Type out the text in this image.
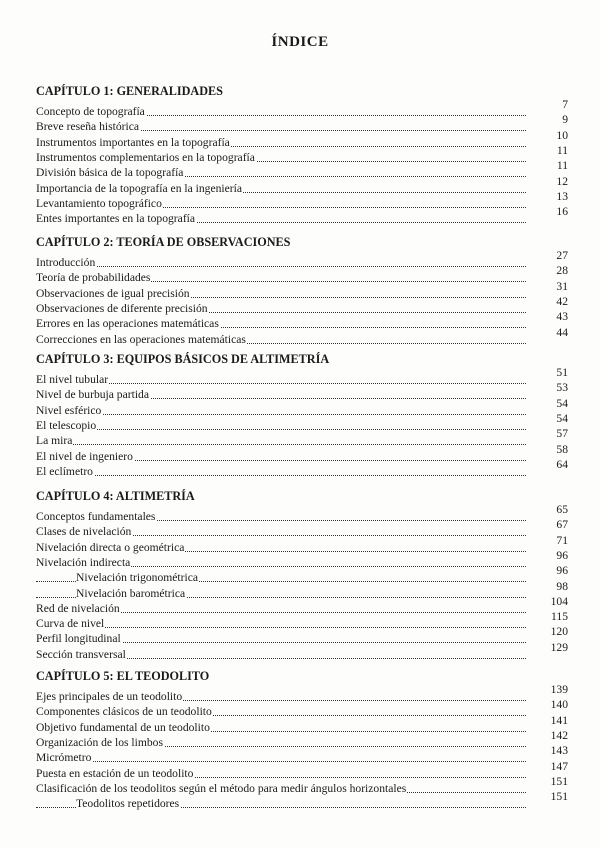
ÍNDICE
CAPÍTULO 1: GENERALIDADES
Concepto de topografía
7
Breve reseña histórica
9
Instrumentos importantes en la topografía
10
Instrumentos complementarios en la topografía
11
División básica de la topografía
11
Importancia de la topografía en la ingeniería
12
Levantamiento topográfico
13
Entes importantes en la topografía
16
CAPÍTULO 2: TEORÍA DE OBSERVACIONES
Introducción
27
Teoría de probabilidades
28
Observaciones de igual precisión
31
Observaciones de diferente precisión
42
Errores en las operaciones matemáticas
43
Correcciones en las operaciones matemáticas
44
CAPÍTULO 3: EQUIPOS BÁSICOS DE ALTIMETRÍA
El nivel tubular
51
Nivel de burbuja partida
53
Nivel esférico
54
El telescopio
54
La mira
57
El nivel de ingeniero
58
El eclímetro
64
CAPÍTULO 4: ALTIMETRÍA
Conceptos fundamentales
65
Clases de nivelación
67
Nivelación directa o geométrica
71
Nivelación indirecta
96
Nivelación trigonométrica
96
Nivelación barométrica
98
Red de nivelación
104
Curva de nivel
115
Perfil longitudinal
120
Sección transversal
129
CAPÍTULO 5: EL TEODOLITO
Ejes principales de un teodolito
139
Componentes clásicos de un teodolito
140
Objetivo fundamental de un teodolito
141
Organización de los limbos
142
Micrómetro
143
Puesta en estación de un teodolito
147
Clasificación de los teodolitos según el método para medir ángulos horizontales
151
Teodolitos repetidores
151
